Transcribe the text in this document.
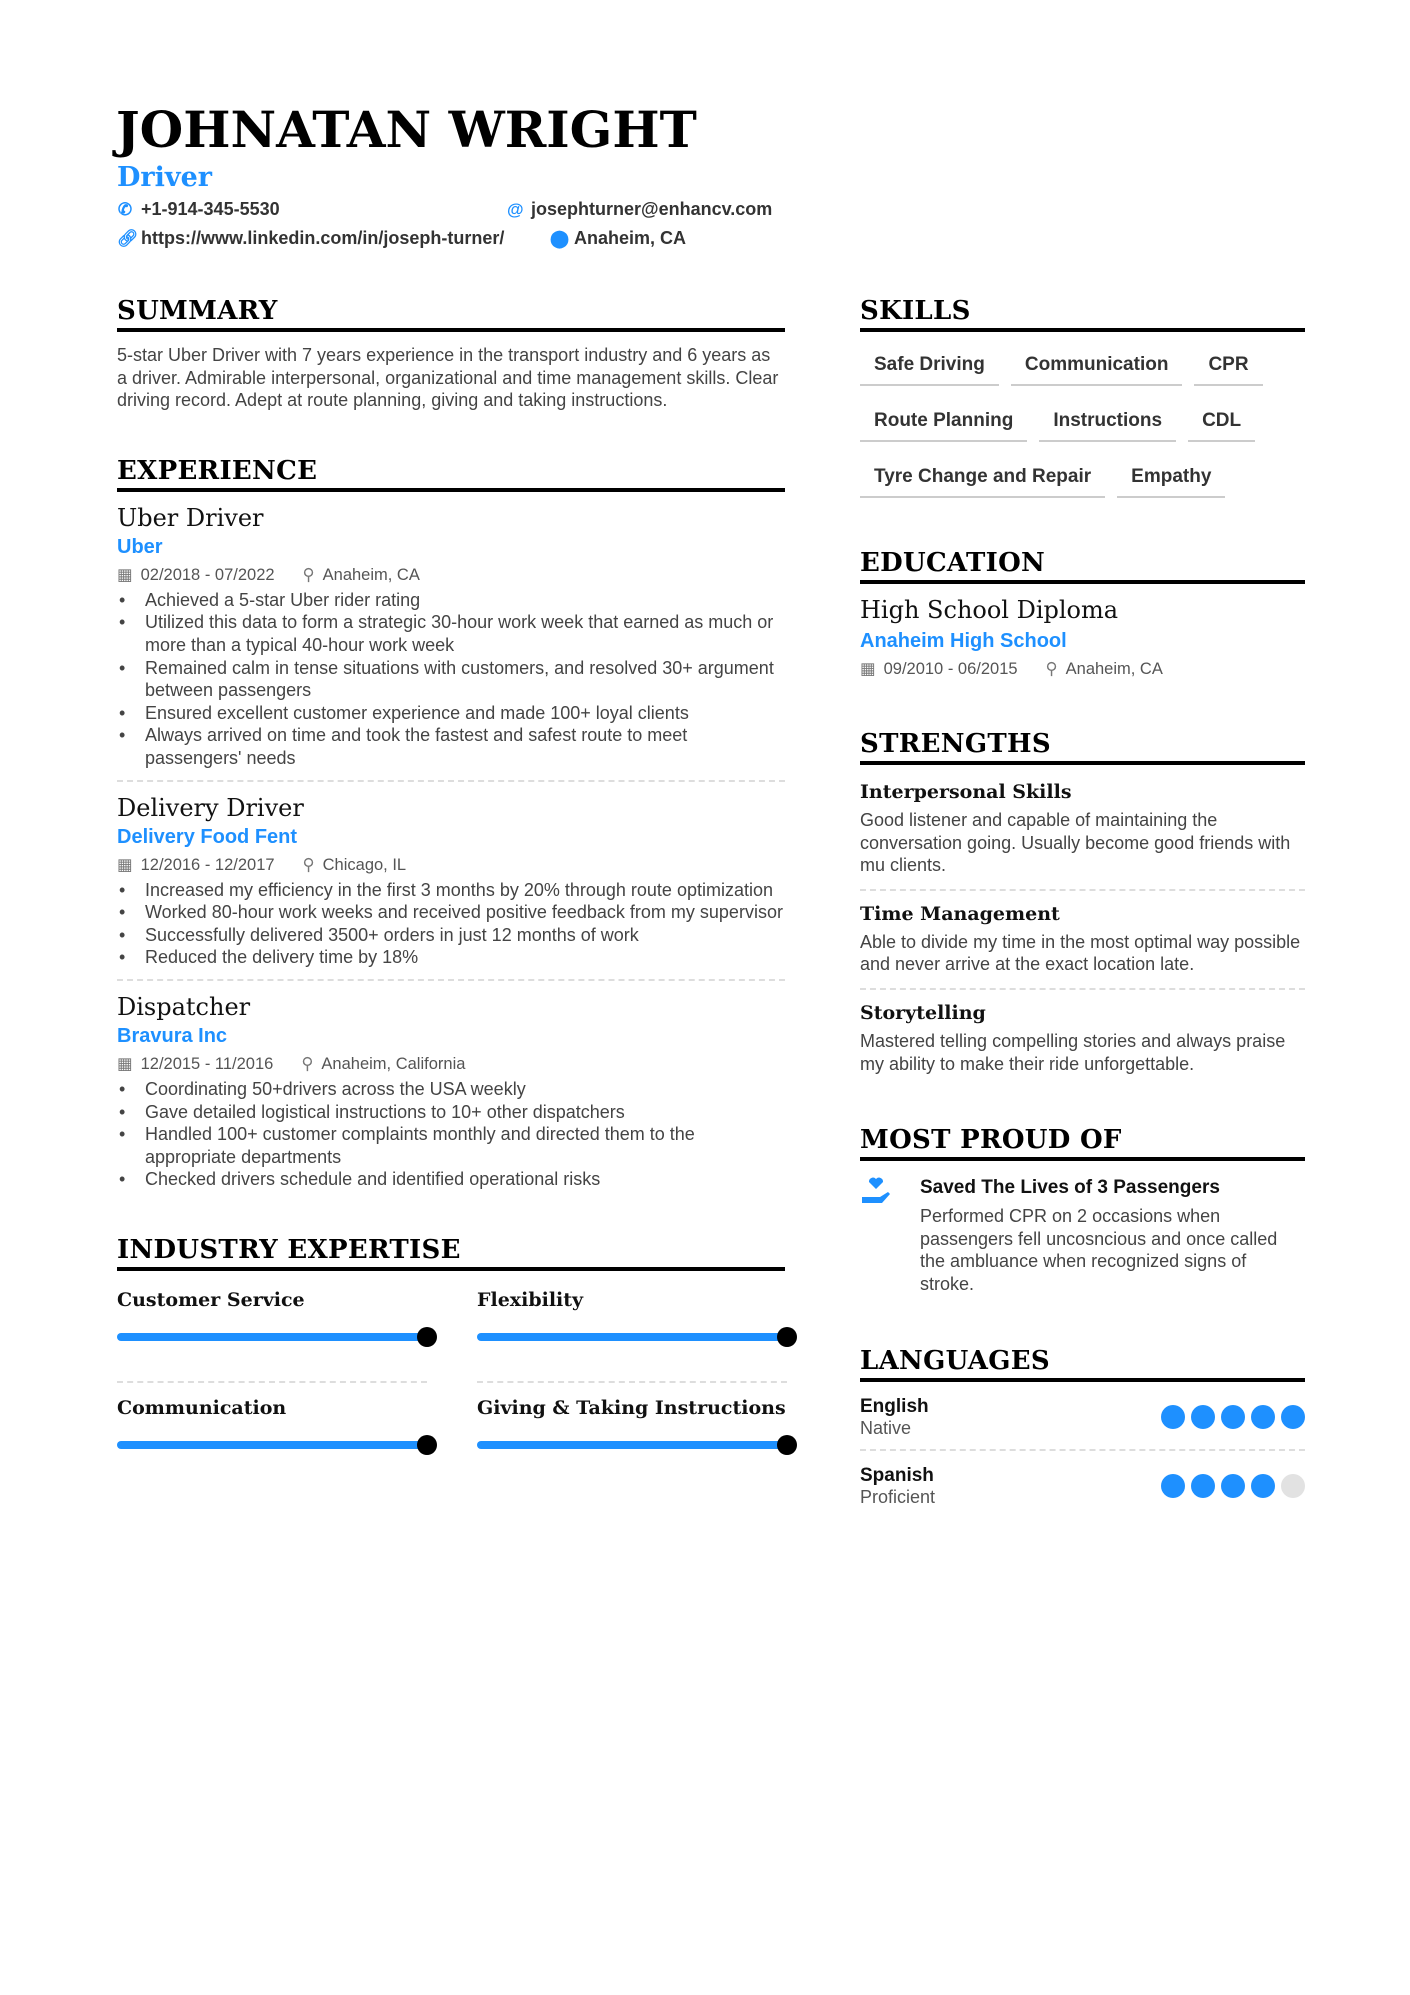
JOHNATAN WRIGHT
Driver
✆ +1-914-345-5530	@ josephturner@enhancv.com
🔗︎ https://www.linkedin.com/in/joseph-turner/	⬤ Anaheim, CA
SUMMARY

5-star Uber Driver with 7 years experience in the transport industry and 6 years as a driver. Admirable interpersonal, organizational and time management skills. Clear driving record. Adept at route planning, giving and taking instructions.

EXPERIENCE
Uber Driver
Uber
▦ 02/2018 - 07/2022 ⚲ Anaheim, CA
• Achieved a 5-star Uber rider rating
• Utilized this data to form a strategic 30-hour work week that earned as much or more than a typical 40-hour work week
• Remained calm in tense situations with customers, and resolved 30+ argument between passengers
• Ensured excellent customer experience and made 100+ loyal clients
• Always arrived on time and took the fastest and safest route to meet passengers' needs
Delivery Driver
Delivery Food Fent
▦ 12/2016 - 12/2017 ⚲ Chicago, IL
• Increased my efficiency in the first 3 months by 20% through route optimization
• Worked 80-hour work weeks and received positive feedback from my supervisor
• Successfully delivered 3500+ orders in just 12 months of work
• Reduced the delivery time by 18%
Dispatcher
Bravura Inc
▦ 12/2015 - 11/2016 ⚲ Anaheim, California
• Coordinating 50+drivers across the USA weekly
• Gave detailed logistical instructions to 10+ other dispatchers
• Handled 100+ customer complaints monthly and directed them to the appropriate departments
• Checked drivers schedule and identified operational risks
INDUSTRY EXPERTISE
Customer Service	Flexibility
Communication	Giving & Taking Instructions
SKILLS
Safe Driving	Communication	CPR
Route Planning	Instructions	CDL
Tyre Change and Repair	Empathy
EDUCATION
High School Diploma
Anaheim High School
▦ 09/2010 - 06/2015 ⚲ Anaheim, CA
STRENGTHS
Interpersonal Skills

Good listener and capable of maintaining the conversation going. Usually become good friends with mu clients.

Time Management

Able to divide my time in the most optimal way possible and never arrive at the exact location late.

Storytelling

Mastered telling compelling stories and always praise my ability to make their ride unforgettable.

MOST PROUD OF
Saved The Lives of 3 Passengers

Performed CPR on 2 occasions when passengers fell uncosncious and once called the ambluance when recognized signs of stroke.

LANGUAGES
English
Native
Spanish
Proficient
